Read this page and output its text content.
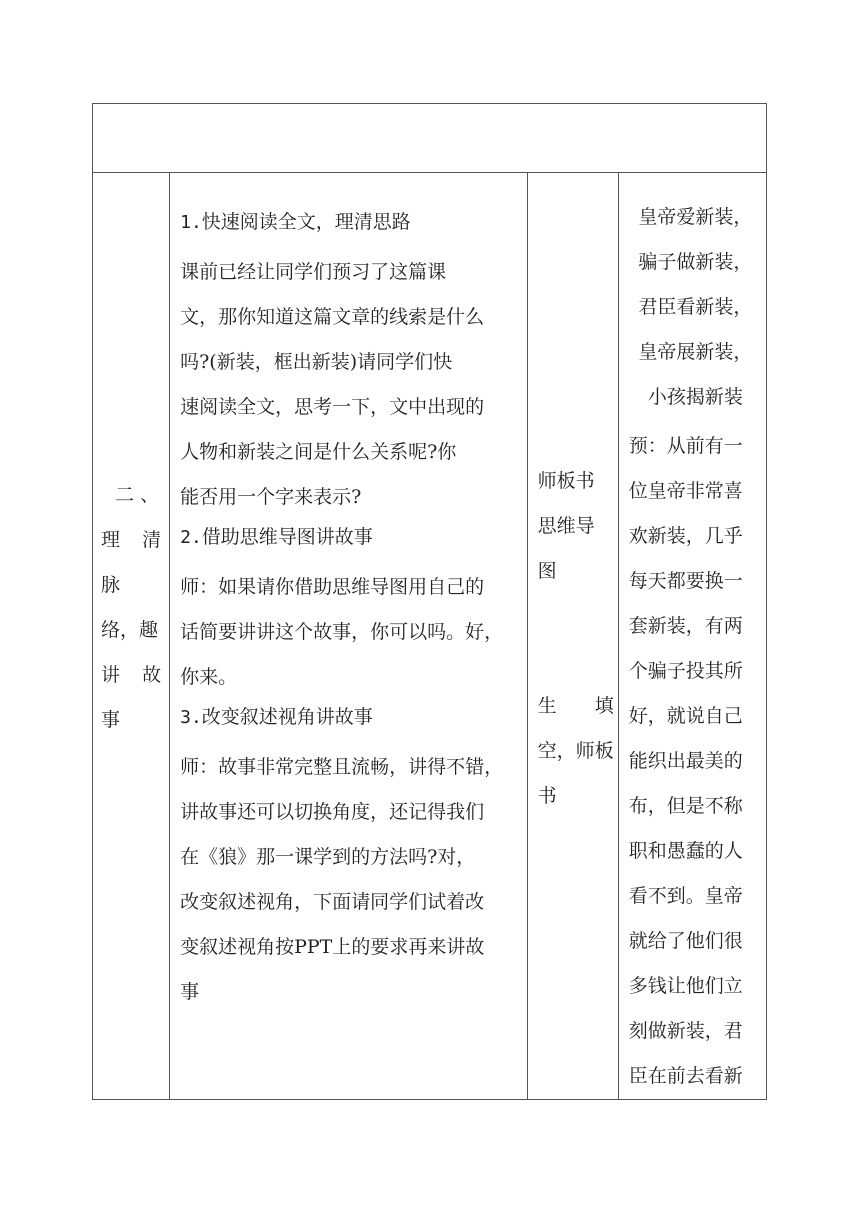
二 、
理 清
脉
络，趣
讲 故
事

1.快速阅读全文，理清思路
课前已经让同学们预习了这篇课
文，那你知道这篇文章的线索是什么
吗?(新装，框出新装)请同学们快
速阅读全文，思考一下，文中出现的
人物和新装之间是什么关系呢?你
能否用一个字来表示?
2.借助思维导图讲故事
师：如果请你借助思维导图用自己的
话简要讲讲这个故事，你可以吗。好，
你来。
3.改变叙述视角讲故事
师：故事非常完整且流畅，讲得不错，
讲故事还可以切换角度，还记得我们
在《狼》那一课学到的方法吗?对，
改变叙述视角，下面请同学们试着改
变叙述视角按PPT上的要求再来讲故
事

师板书
思维导
图
生 填
空，师板
书

皇帝爱新装，
骗子做新装，
君臣看新装，
皇帝展新装，
小孩揭新装
预：从前有一
位皇帝非常喜
欢新装，几乎
每天都要换一
套新装，有两
个骗子投其所
好，就说自己
能织出最美的
布，但是不称
职和愚蠢的人
看不到。皇帝
就给了他们很
多钱让他们立
刻做新装，君
臣在前去看新
